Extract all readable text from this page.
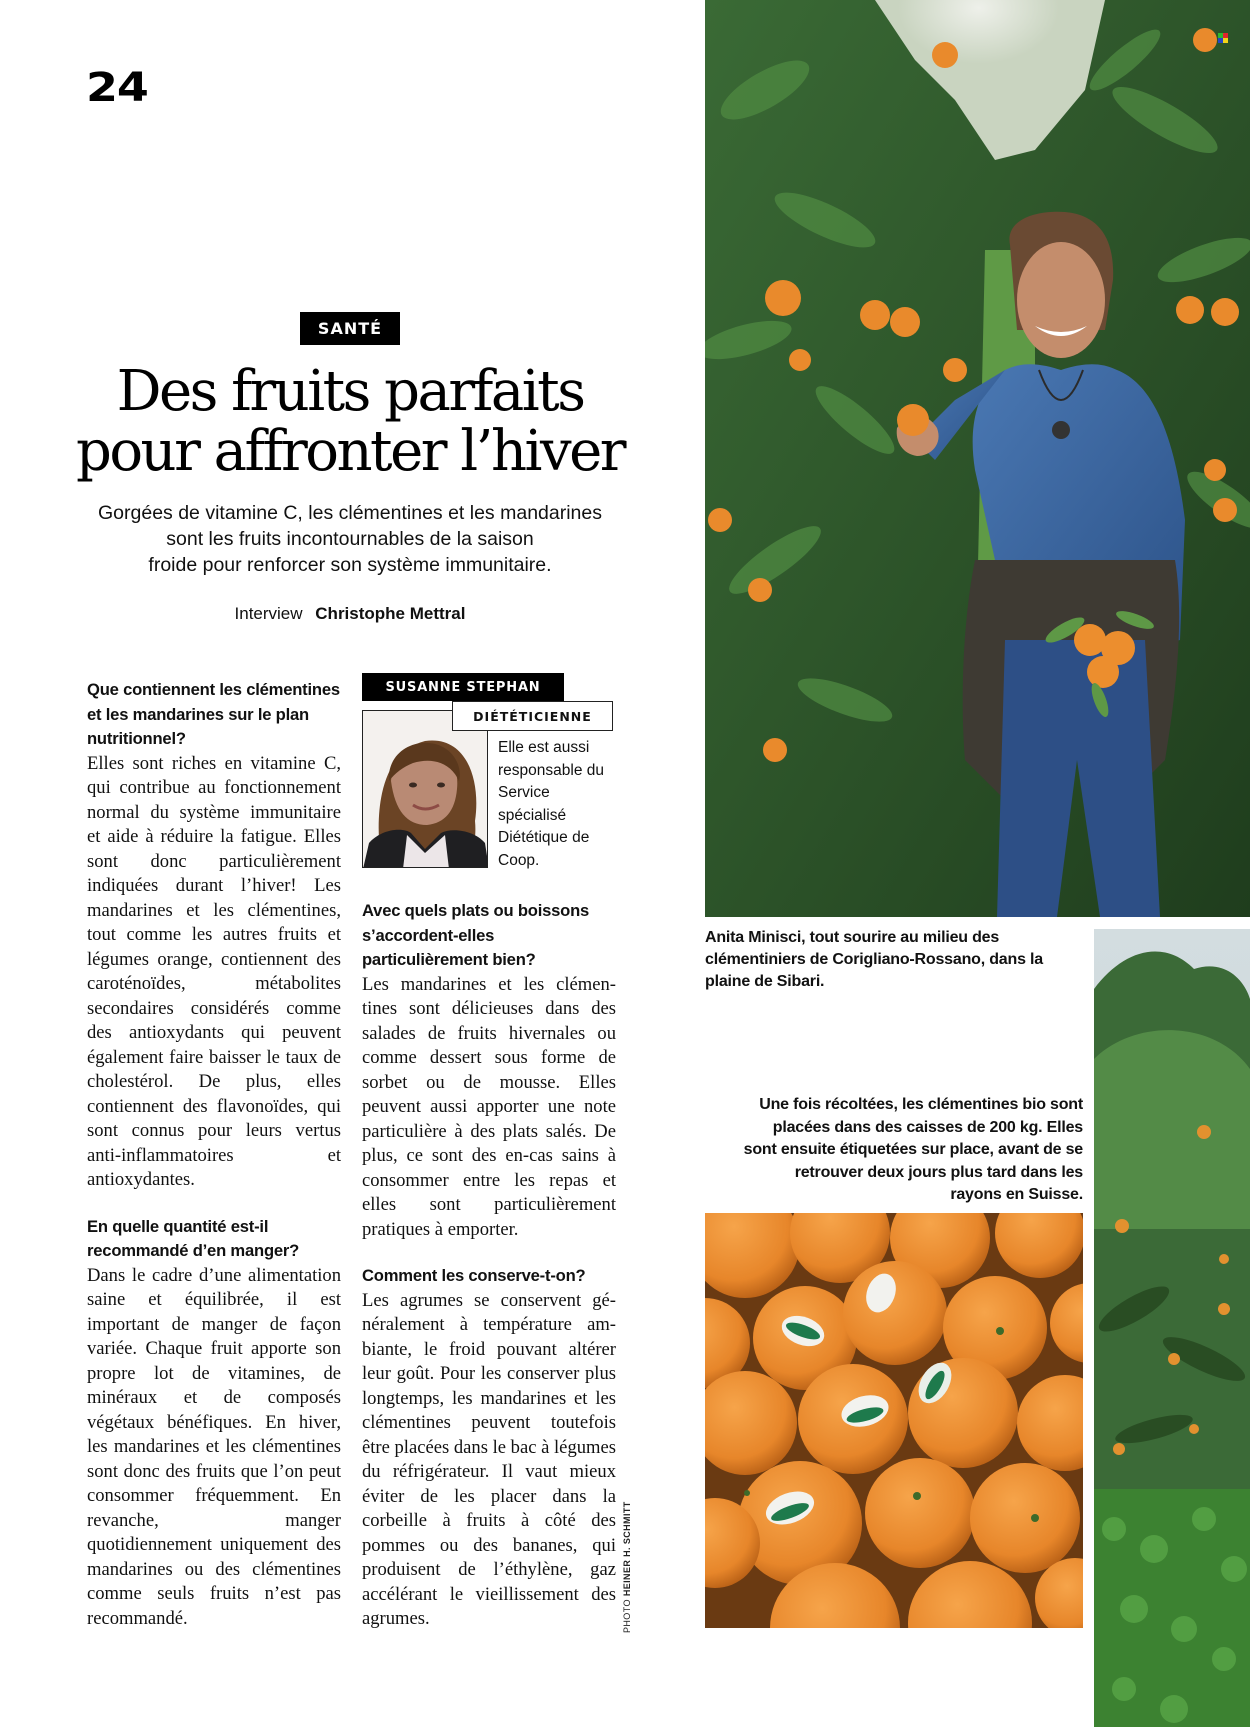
24
SANTÉ
Des fruits parfaits
pour affronter l’hiver
Gorgées de vitamine C, les clémentines et les mandarines
sont les fruits incontournables de la saison
froide pour renforcer son système immunitaire.
Interview Christophe Mettral
Que contiennent les clémentines et les mandarines sur le plan nutritionnel?

Elles sont riches en vitamine C, qui contribue au fonctionnement normal du système immunitaire et aide à réduire la fatigue. Elles sont donc particulièrement indiquées durant l’hiver! Les mandarines et les clémentines, tout comme les autres fruits et légumes orange, contiennent des caroténoïdes, métabolites secondaires considérés comme des antioxydants qui peuvent également faire baisser le taux de cholestérol. De plus, elles contiennent des flavonoïdes, qui sont connus pour leurs vertus anti-inflammatoires et antioxydantes.

En quelle quantité est-il recommandé d’en manger?

Dans le cadre d’une alimentation saine et équilibrée, il est important de manger de façon variée. Chaque fruit apporte son propre lot de vitamines, de minéraux et de composés végétaux bénéfiques. En hiver, les mandarines et les clémentines sont donc des fruits que l’on peut consommer fréquemment. En revanche, manger quotidiennement uniquement des mandarines ou des clémentines comme seuls fruits n’est pas recommandé.

SUSANNE STEPHAN
DIÉTÉTICIENNE
Elle est aussi responsable du Service spécialisé Diététique de Coop.
Avec quels plats ou boissons s’accordent-elles particulièrement bien?

Les mandarines et les clémentines sont délicieuses dans des salades de fruits hivernales ou comme dessert sous forme de sorbet ou de mousse. Elles peuvent aussi apporter une note particulière à des plats salés. De plus, ce sont des en-cas sains à consommer entre les repas et elles sont particulièrement pratiques à emporter.

Comment les conserve-t-on?

Les agrumes se conservent généralement à température ambiante, le froid pouvant altérer leur goût. Pour les conserver plus longtemps, les mandarines et les clémentines peuvent toutefois être placées dans le bac à légumes du réfrigérateur. Il vaut mieux éviter de les placer dans la corbeille à fruits à côté des pommes ou des bananes, qui produisent de l’éthylène, gaz accélérant le vieillissement des agrumes.	PHOTOHEINER H. SCHMITT
Anita Minisci, tout sourire au milieu des clémentiniers de Corigliano-Rossano, dans la plaine de Sibari.
Une fois récoltées, les clémentines bio sont placées dans des caisses de 200 kg. Elles sont ensuite étiquetées sur place, avant de se retrouver deux jours plus tard dans les rayons en Suisse.
